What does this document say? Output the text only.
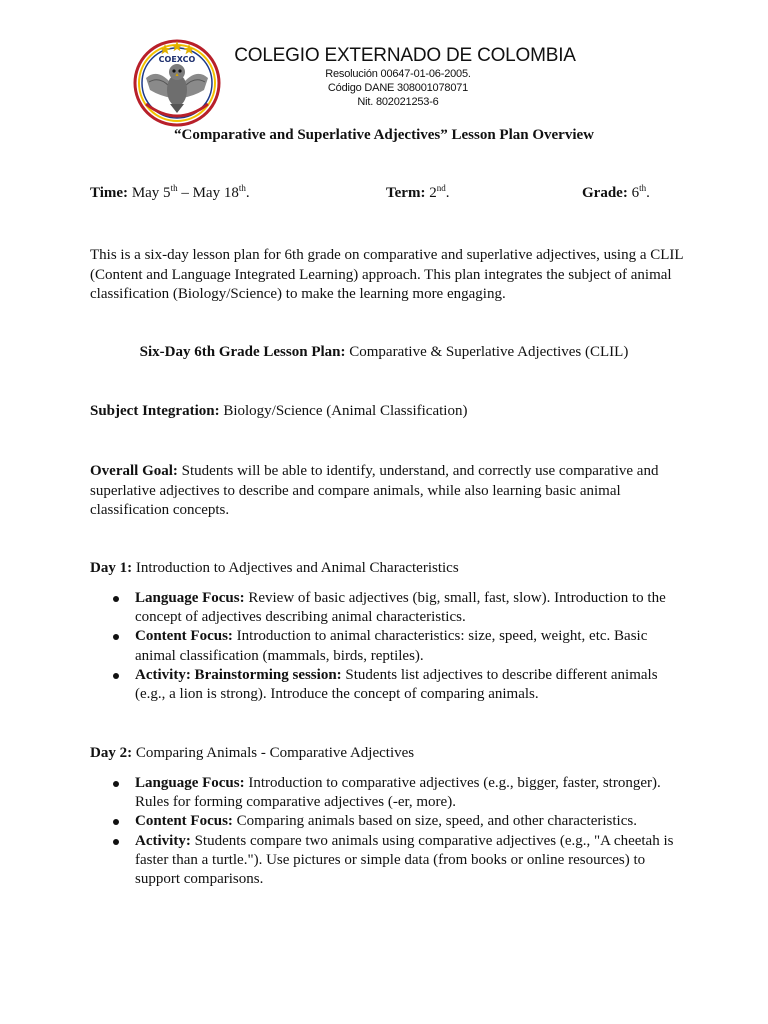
COEXCO	COLEGIO EXTERNADO DE COLOMBIA
Resolución 00647-01-06-2005.
Código DANE 308001078071
Nit. 802021253-6
“Comparative and Superlative Adjectives” Lesson Plan Overview
Time: May 5th – May 18th.	Term: 2nd.	Grade: 6th.
This is a six-day lesson plan for 6th grade on comparative and superlative adjectives, using a CLIL (Content and Language Integrated Learning) approach. This plan integrates the subject of animal classification (Biology/Science) to make the learning more engaging.
Six-Day 6th Grade Lesson Plan: Comparative & Superlative Adjectives (CLIL)
Subject Integration: Biology/Science (Animal Classification)
Overall Goal: Students will be able to identify, understand, and correctly use comparative and superlative adjectives to describe and compare animals, while also learning basic animal classification concepts.
Day 1: Introduction to Adjectives and Animal Characteristics
Language Focus: Review of basic adjectives (big, small, fast, slow). Introduction to the concept of adjectives describing animal characteristics.
Content Focus: Introduction to animal characteristics: size, speed, weight, etc. Basic animal classification (mammals, birds, reptiles).
Activity: Brainstorming session: Students list adjectives to describe different animals (e.g., a lion is strong). Introduce the concept of comparing animals.
Day 2: Comparing Animals - Comparative Adjectives
Language Focus: Introduction to comparative adjectives (e.g., bigger, faster, stronger). Rules for forming comparative adjectives (-er, more).
Content Focus: Comparing animals based on size, speed, and other characteristics.
Activity: Students compare two animals using comparative adjectives (e.g., "A cheetah is faster than a turtle."). Use pictures or simple data (from books or online resources) to support comparisons.
